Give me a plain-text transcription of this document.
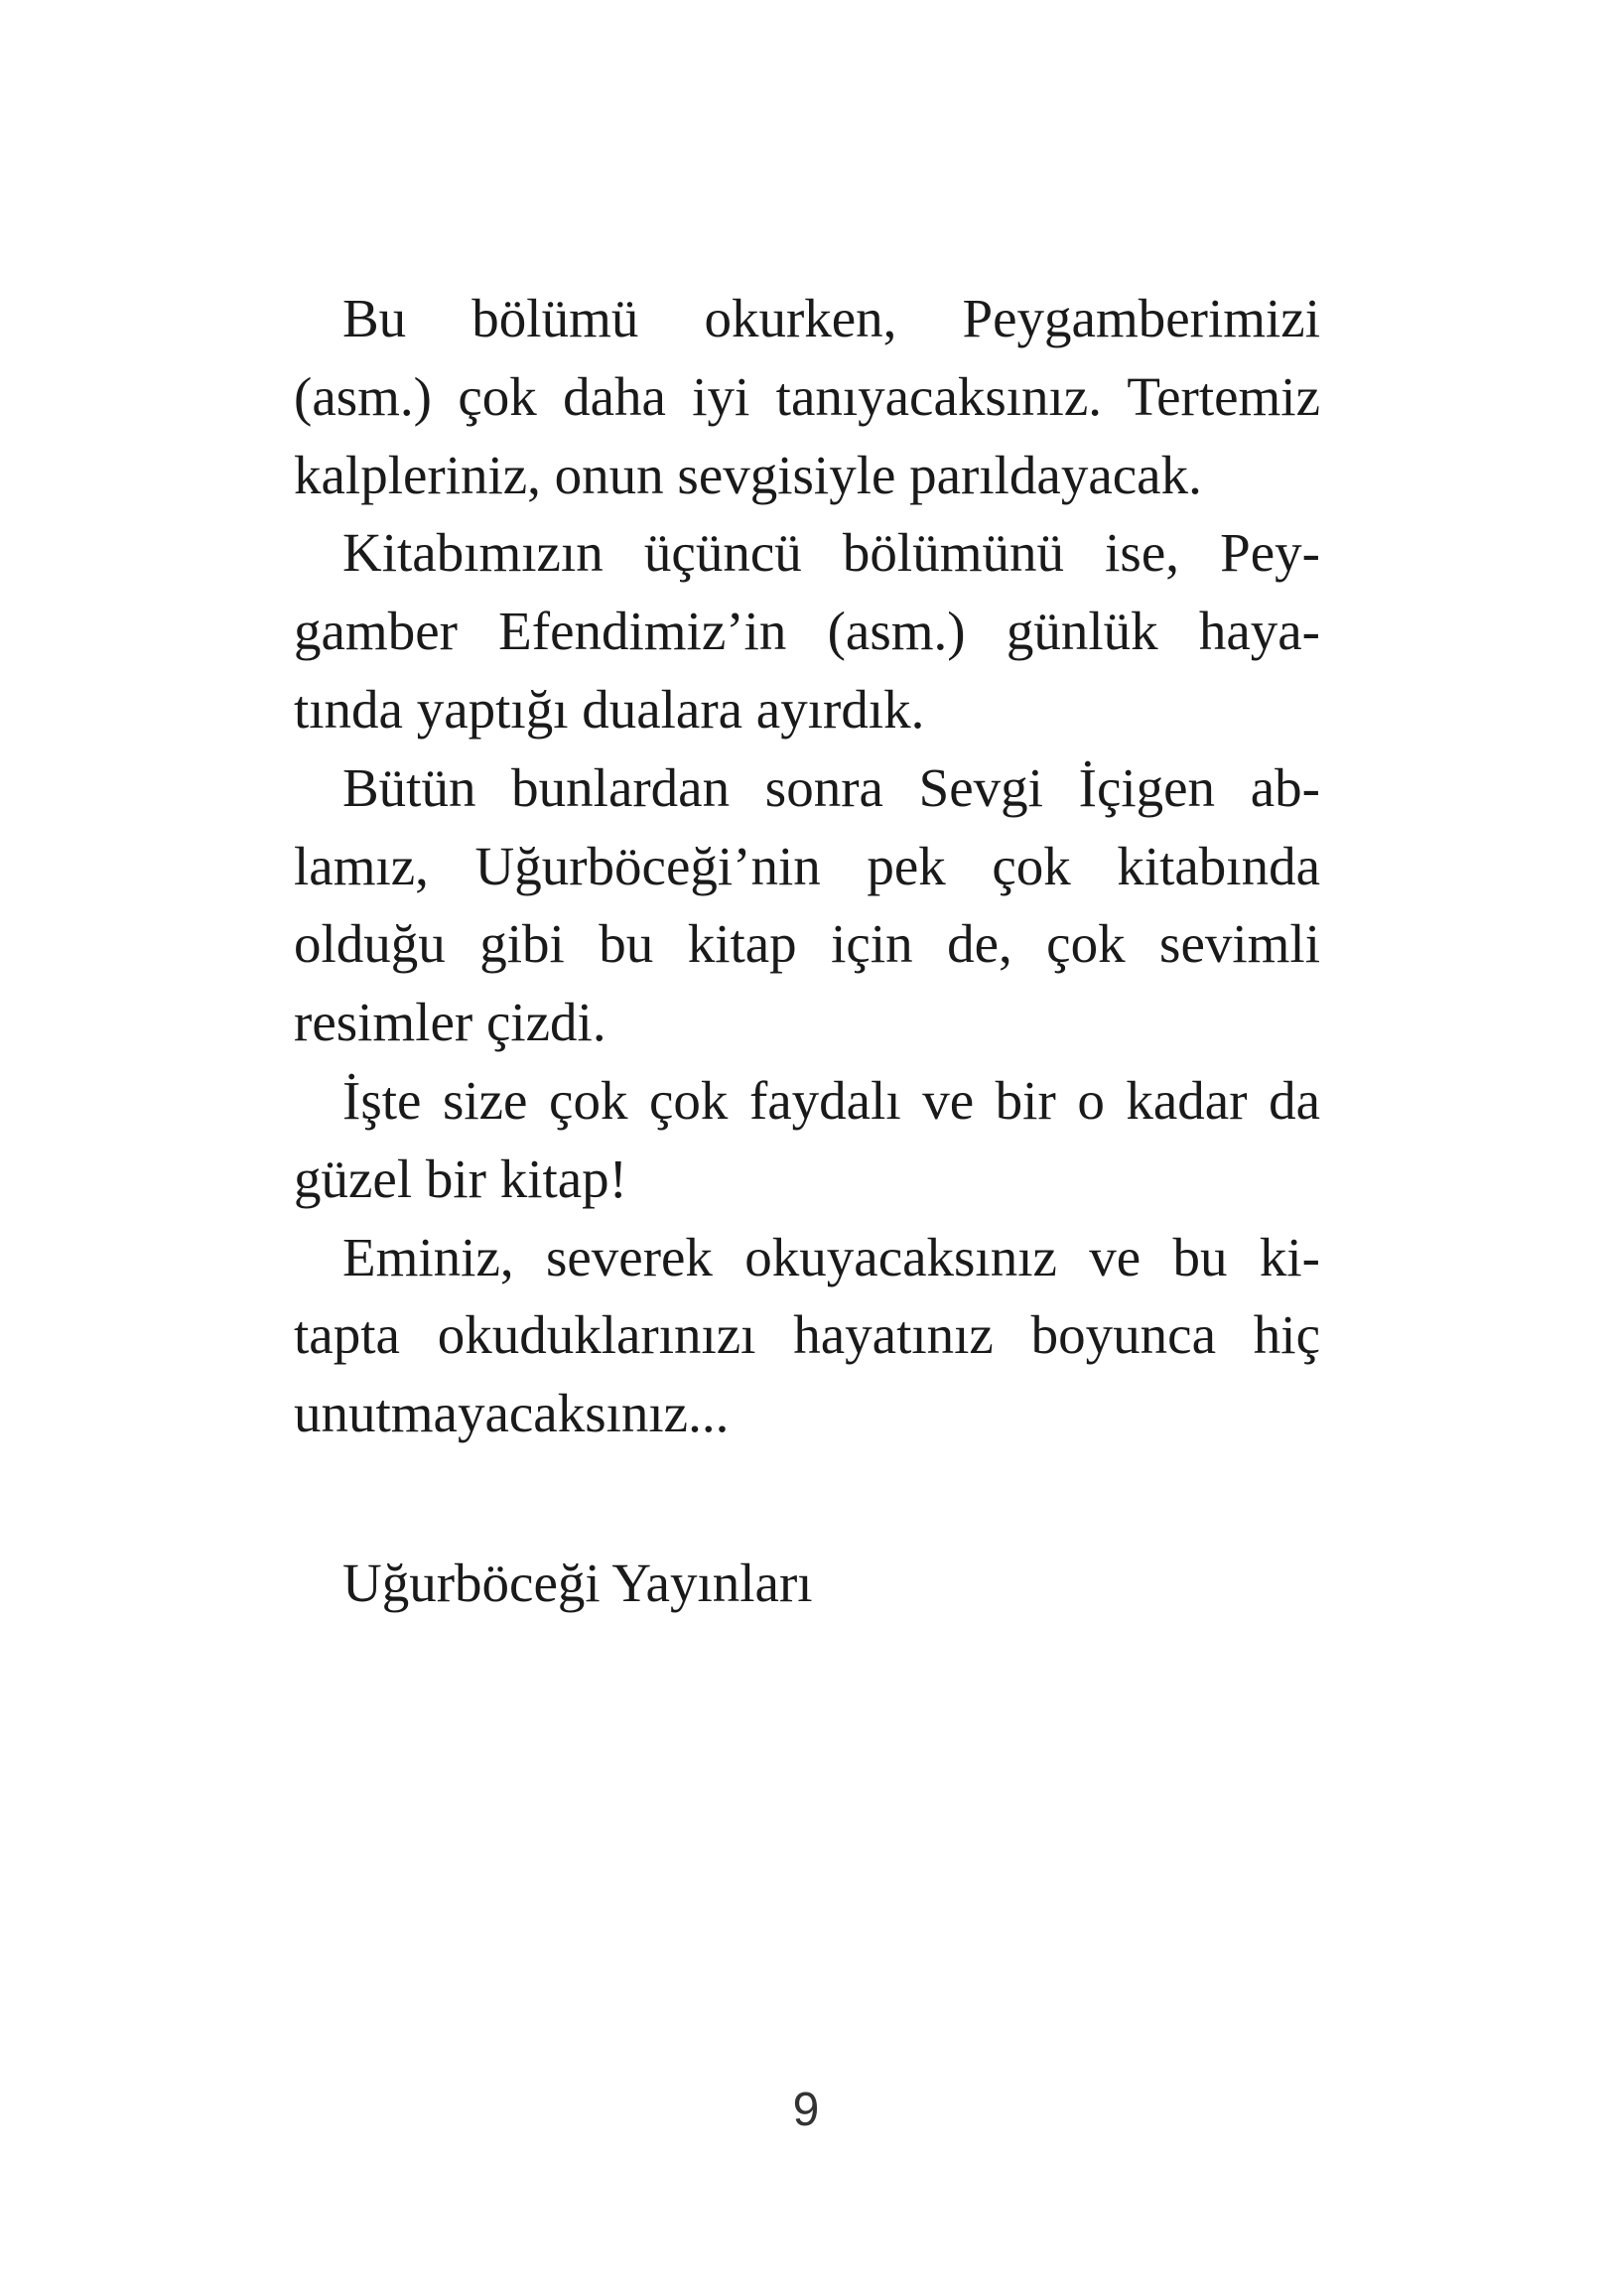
Bu bölümü okurken, Peygamberimizi
(asm.) çok daha iyi tanıyacaksınız. Tertemiz
kalpleriniz, onun sevgisiyle parıldayacak.
Kitabımızın üçüncü bölümünü ise, Pey-
gamber Efendimiz’in (asm.) günlük haya-
tında yaptığı dualara ayırdık.
Bütün bunlardan sonra Sevgi İçigen ab-
lamız, Uğurböceği’nin pek çok kitabında
olduğu gibi bu kitap için de, çok sevimli
resimler çizdi.
İşte size çok çok faydalı ve bir o kadar da
güzel bir kitap!
Eminiz, severek okuyacaksınız ve bu ki-
tapta okuduklarınızı hayatınız boyunca hiç
unutmayacaksınız...
Uğurböceği Yayınları
9
